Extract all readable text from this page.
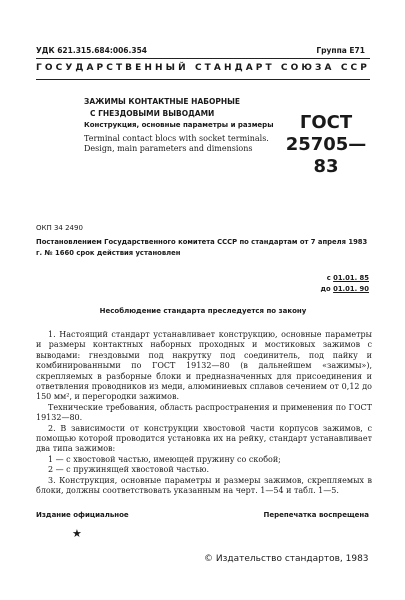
УДК 621.315.684:006.354	Группа Е71
ГОСУДАРСТВЕННЫЙ СТАНДАРТ СОЮЗА ССР
ЗАЖИМЫ КОНТАКТНЫЕ НАБОРНЫЕ
С ГНЕЗДОВЫМИ ВЫВОДАМИ
Конструкция, основные параметры и размеры
Terminal contact blocs with socket terminals.
Design, main parameters and dimensions
ГОСТ
25705—83
ОКП 34 2490
Постановлением Государственного комитета СССР по стандартам от 7 апреля 1983 г. № 1660 срок действия установлен
с 01.01. 85
до 01.01. 90
Несоблюдение стандарта преследуется по закону

1. Настоящий стандарт устанавливает конструкцию, основные параметры и размеры контактных наборных проходных и мостиковых зажимов с выводами: гнездовыми под накрутку под соединитель, под пайку и комбинированными по ГОСТ 19132—80 (в дальнейшем «зажимы»), скрепляемых в разборные блоки и предназначенных для присоединения и ответвления проводников из меди, алюминиевых сплавов сечением от 0,12 до 150 мм², и перегородки зажимов.

Технические требования, область распространения и применения по ГОСТ 19132—80.

2. В зависимости от конструкции хвостовой части корпусов зажимов, с помощью которой проводится установка их на рейку, стандарт устанавливает два типа зажимов:

1 — с хвостовой частью, имеющей пружину со скобой;

2 — с пружинящей хвостовой частью.

3. Конструкция, основные параметры и размеры зажимов, скрепляемых в блоки, должны соответствовать указанным на черт. 1—54 и табл. 1—5.

Издание официальное	Перепечатка воспрещена
★
© Издательство стандартов, 1983
